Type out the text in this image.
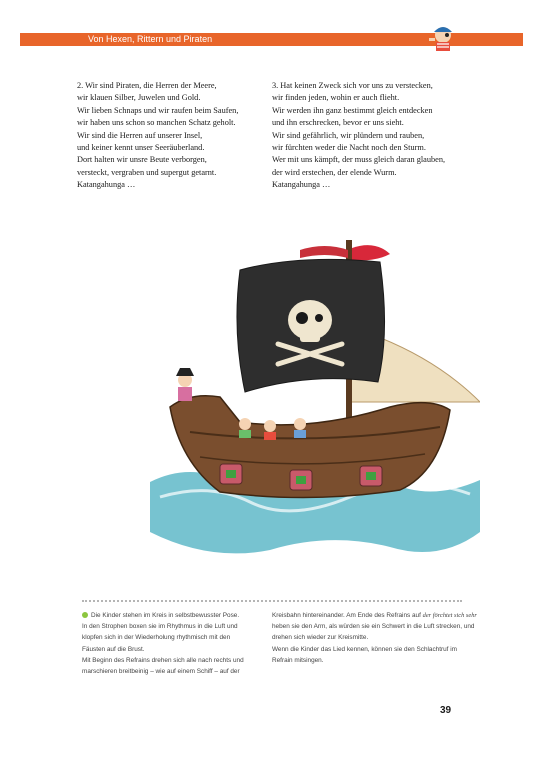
Von Hexen, Rittern und Piraten
2. Wir sind Piraten, die Herren der Meere,
wir klauen Silber, Juwelen und Gold.
Wir lieben Schnaps und wir raufen beim Saufen,
wir haben uns schon so manchen Schatz geholt.
Wir sind die Herren auf unserer Insel,
und keiner kennt unser Seeräuberland.
Dort halten wir unsre Beute verborgen,
versteckt, vergraben und supergut getarnt.
Katangahunga …
3. Hat keinen Zweck sich vor uns zu verstecken,
wir finden jeden, wohin er auch flieht.
Wir werden ihn ganz bestimmt gleich entdecken
und ihn erschrecken, bevor er uns sieht.
Wir sind gefährlich, wir plündern und rauben,
wir fürchten weder die Nacht noch den Sturm.
Wer mit uns kämpft, der muss gleich daran glauben,
der wird erstechen, der elende Wurm.
Katangahunga …
Die Kinder stehen im Kreis in selbstbewusster Pose.
In den Strophen boxen sie im Rhythmus in die Luft und
klopfen sich in der Wiederholung rhythmisch mit den
Fäusten auf die Brust.
Mit Beginn des Refrains drehen sich alle nach rechts und
marschieren breitbeinig – wie auf einem Schiff – auf der
Kreisbahn hintereinander. Am Ende des Refrains auf der förchtet sich sehr heben sie den Arm, als würden sie ein Schwert in die Luft strecken, und drehen sich wieder zur Kreismitte.
Wenn die Kinder das Lied kennen, können sie den Schlachtruf im Refrain mitsingen.
39
